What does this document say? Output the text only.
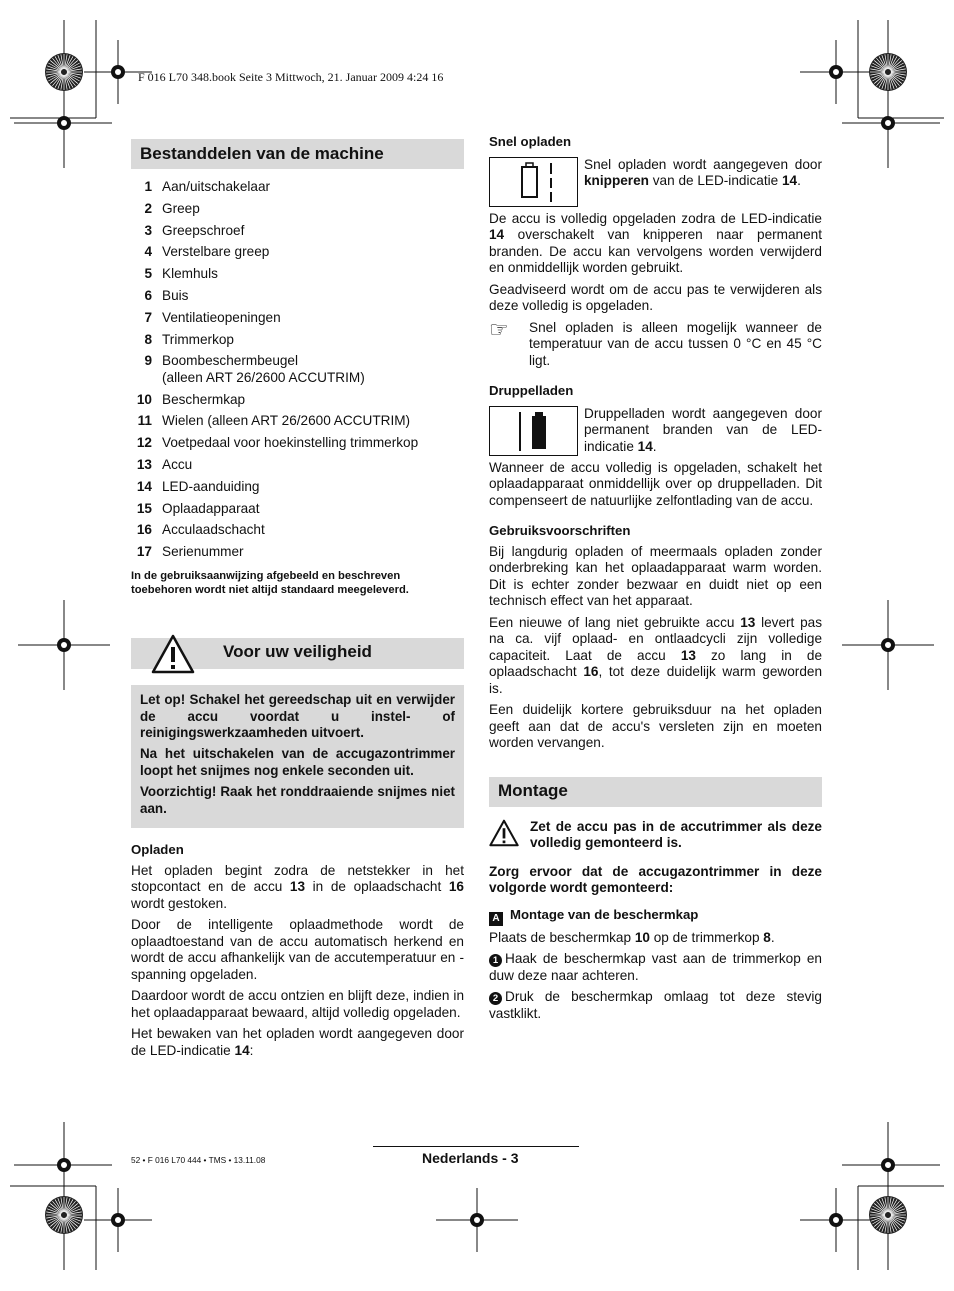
F 016 L70 348.book Seite 3 Mittwoch, 21. Januar 2009 4:24 16
Bestanddelen van de machine
1 Aan/uitschakelaar
2 Greep
3 Greepschroef
4 Verstelbare greep
5 Klemhuls
6 Buis
7 Ventilatieopeningen
8 Trimmerkop
9 Boombeschermbeugel
(alleen ART 26/2600 ACCUTRIM)
10 Beschermkap
11 Wielen (alleen ART 26/2600 ACCUTRIM)
12 Voetpedaal voor hoekinstelling trimmerkop
13 Accu
14 LED-aanduiding
15 Oplaadapparaat
16 Acculaadschacht
17 Serienummer
In de gebruiksaanwijzing afgebeeld en beschreven toebehoren wordt niet altijd standaard meegeleverd.
Voor uw veiligheid

Let op! Schakel het gereedschap uit en verwijder de accu voordat u instel- of reinigingswerkzaamheden uitvoert.

Na het uitschakelen van de accugazontrimmer loopt het snijmes nog enkele seconden uit.

Voorzichtig! Raak het ronddraaiende snijmes niet aan.

Opladen

Het opladen begint zodra de netstekker in het stopcontact en de accu 13 in de oplaadschacht 16 wordt gestoken.

Door de intelligente oplaadmethode wordt de oplaadtoestand van de accu automatisch herkend en wordt de accu afhankelijk van de accutemperatuur en -spanning opgeladen.

Daardoor wordt de accu ontzien en blijft deze, indien in het oplaadapparaat bewaard, altijd volledig opgeladen.

Het bewaken van het opladen wordt aangegeven door de LED-indicatie 14:

Snel opladen
Snel opladen wordt aangegeven door knipperen van de LED-indicatie 14.

De accu is volledig opgeladen zodra de LED-indicatie 14 overschakelt van knipperen naar permanent branden. De accu kan vervolgens worden verwijderd en onmiddellijk worden gebruikt.

Geadviseerd wordt om de accu pas te verwijderen als deze volledig is opgeladen.

☞	Snel opladen is alleen mogelijk wanneer de temperatuur van de accu tussen 0 °C en 45 °C ligt.
Druppelladen
Druppelladen wordt aangegeven door permanent branden van de LED-indicatie 14.

Wanneer de accu volledig is opgeladen, schakelt het oplaadapparaat onmiddellijk over op druppelladen. Dit compenseert de natuurlijke zelfontlading van de accu.

Gebruiksvoorschriften

Bij langdurig opladen of meermaals opladen zonder onderbreking kan het oplaadapparaat warm worden. Dit is echter zonder bezwaar en duidt niet op een technisch effect van het apparaat.

Een nieuwe of lang niet gebruikte accu 13 levert pas na ca. vijf oplaad- en ontlaadcycli zijn volledige capaciteit. Laat de accu 13 zo lang in de oplaadschacht 16, tot deze duidelijk warm geworden is.

Een duidelijk kortere gebruiksduur na het opladen geeft aan dat de accu's versleten zijn en moeten worden vervangen.

Montage
Zet de accu pas in de accutrimmer als deze volledig gemonteerd is.

Zorg ervoor dat de accugazontrimmer in deze volgorde wordt gemonteerd:

A Montage van de beschermkap

Plaats de beschermkap 10 op de trimmerkop 8.

1 Haak de beschermkap vast aan de trimmerkop en duw deze naar achteren.

2 Druk de beschermkap omlaag tot deze stevig vastklikt.

52 • F 016 L70 444 • TMS • 13.11.08	Nederlands - 3
